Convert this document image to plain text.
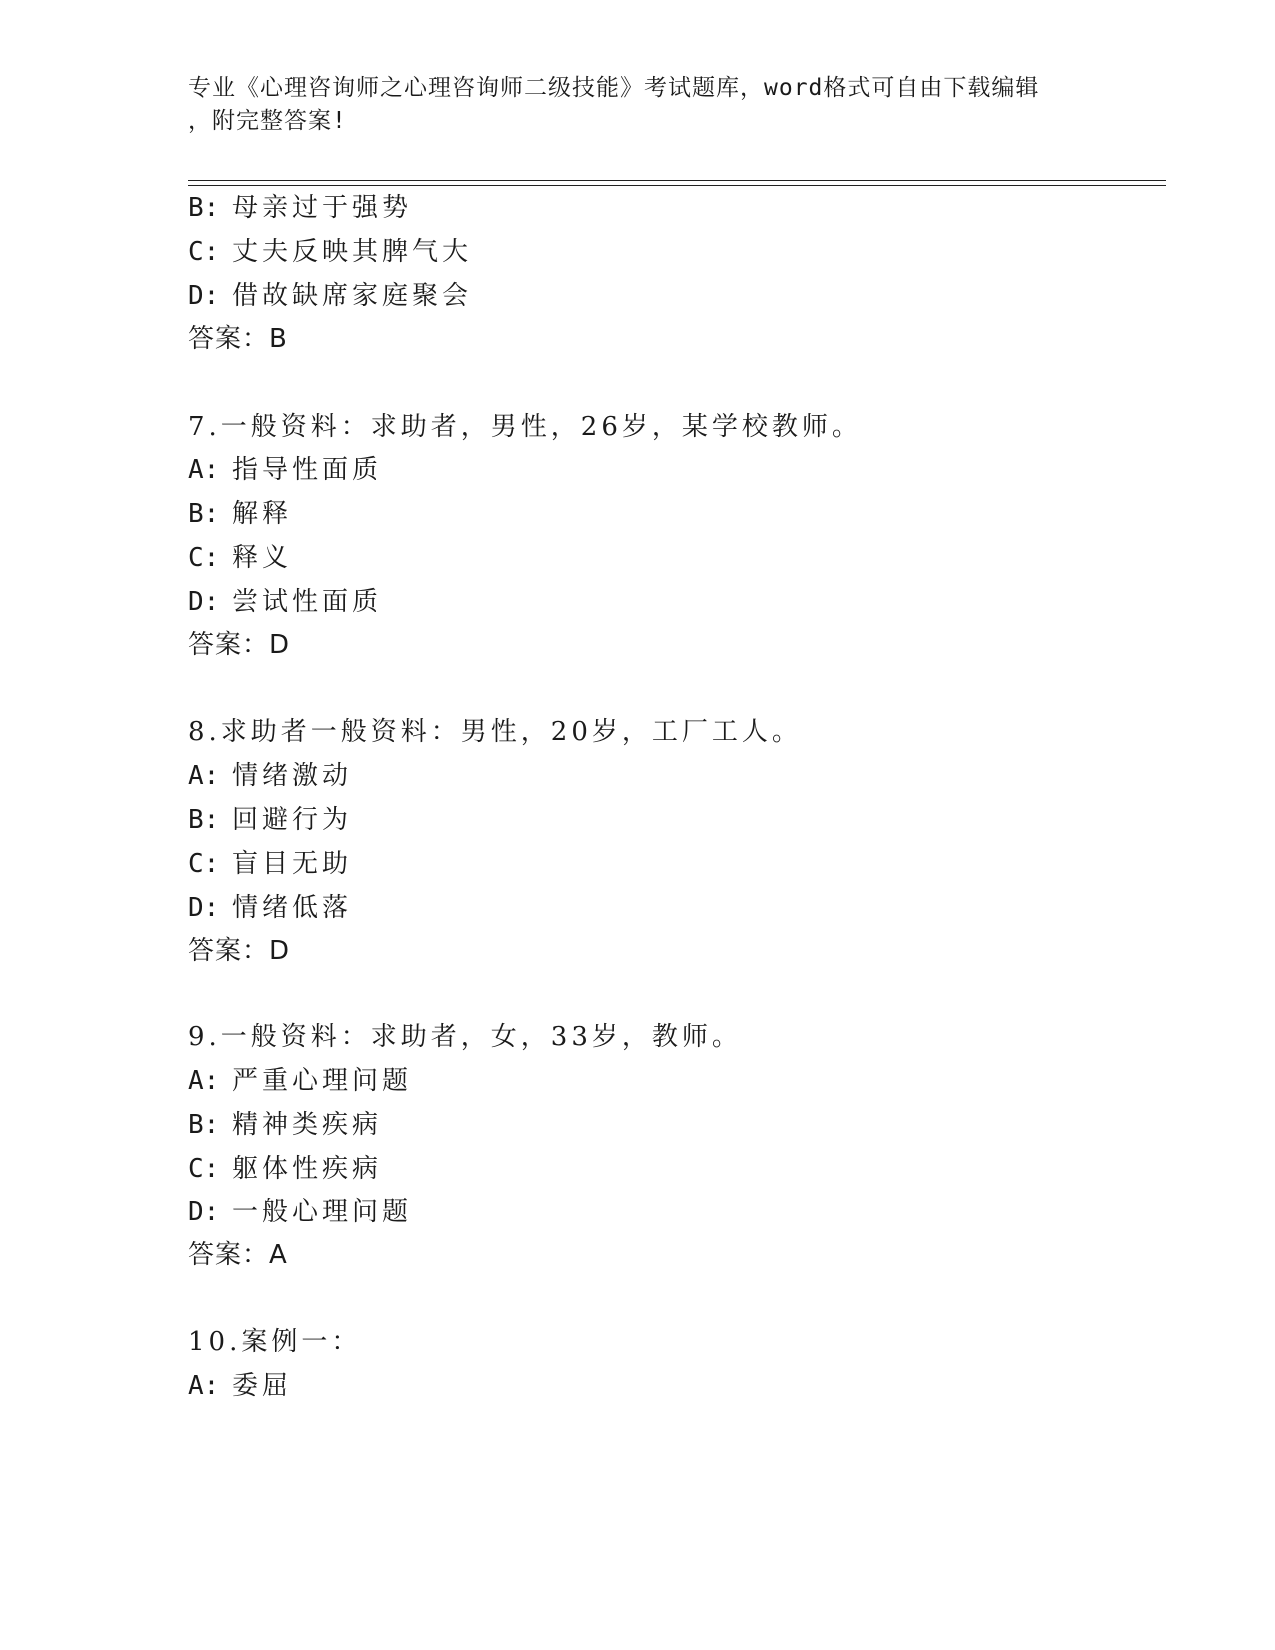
专业《心理咨询师之心理咨询师二级技能》考试题库，word格式可自由下载编辑
，附完整答案!
B: 母亲过于强势
C: 丈夫反映其脾气大
D: 借故缺席家庭聚会
答案：B
7.一般资料：求助者，男性，26岁，某学校教师。
A: 指导性面质
B: 解释
C: 释义
D: 尝试性面质
答案：D
8.求助者一般资料：男性，20岁，工厂工人。
A: 情绪激动
B: 回避行为
C: 盲目无助
D: 情绪低落
答案：D
9.一般资料：求助者，女，33岁，教师。
A: 严重心理问题
B: 精神类疾病
C: 躯体性疾病
D: 一般心理问题
答案：A
10.案例一：
A: 委屈
